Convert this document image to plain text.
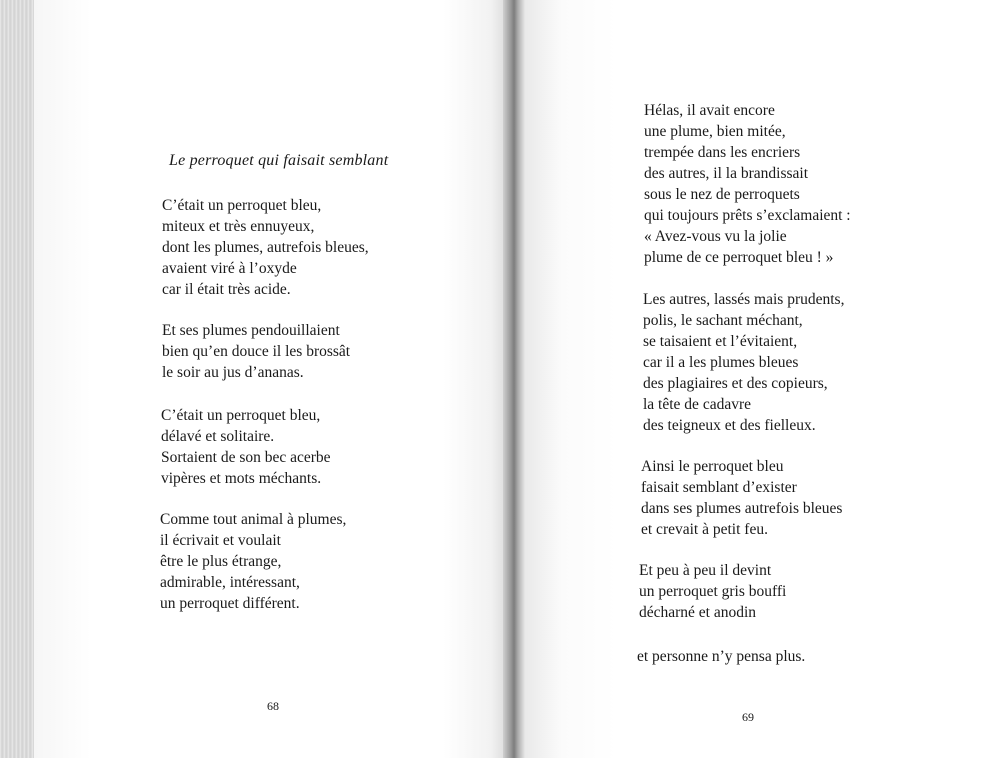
Le perroquet qui faisait semblant
C’était un perroquet bleu,
miteux et très ennuyeux,
dont les plumes, autrefois bleues,
avaient viré à l’oxyde
car il était très acide.
Et ses plumes pendouillaient
bien qu’en douce il les brossât
le soir au jus d’ananas.
C’était un perroquet bleu,
délavé et solitaire.
Sortaient de son bec acerbe
vipères et mots méchants.
Comme tout animal à plumes,
il écrivait et voulait
être le plus étrange,
admirable, intéressant,
un perroquet différent.
68
Hélas, il avait encore
une plume, bien mitée,
trempée dans les encriers
des autres, il la brandissait
sous le nez de perroquets
qui toujours prêts s’exclamaient :
« Avez-vous vu la jolie
plume de ce perroquet bleu ! »
Les autres, lassés mais prudents,
polis, le sachant méchant,
se taisaient et l’évitaient,
car il a les plumes bleues
des plagiaires et des copieurs,
la tête de cadavre
des teigneux et des fielleux.
Ainsi le perroquet bleu
faisait semblant d’exister
dans ses plumes autrefois bleues
et crevait à petit feu.
Et peu à peu il devint
un perroquet gris bouffi
décharné et anodin
et personne n’y pensa plus.
69
